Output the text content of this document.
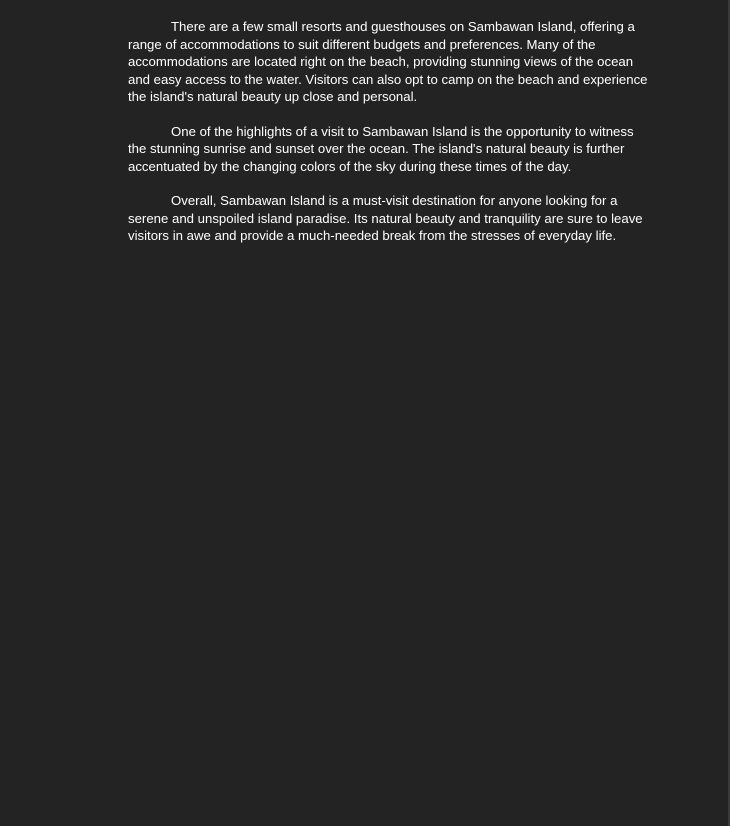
There are a few small resorts and guesthouses on Sambawan Island, offering a range of accommodations to suit different budgets and preferences. Many of the accommodations are located right on the beach, providing stunning views of the ocean and easy access to the water. Visitors can also opt to camp on the beach and experience the island's natural beauty up close and personal.

One of the highlights of a visit to Sambawan Island is the opportunity to witness the stunning sunrise and sunset over the ocean. The island's natural beauty is further accentuated by the changing colors of the sky during these times of the day.

Overall, Sambawan Island is a must-visit destination for anyone looking for a serene and unspoiled island paradise. Its natural beauty and tranquility are sure to leave visitors in awe and provide a much-needed break from the stresses of everyday life.
